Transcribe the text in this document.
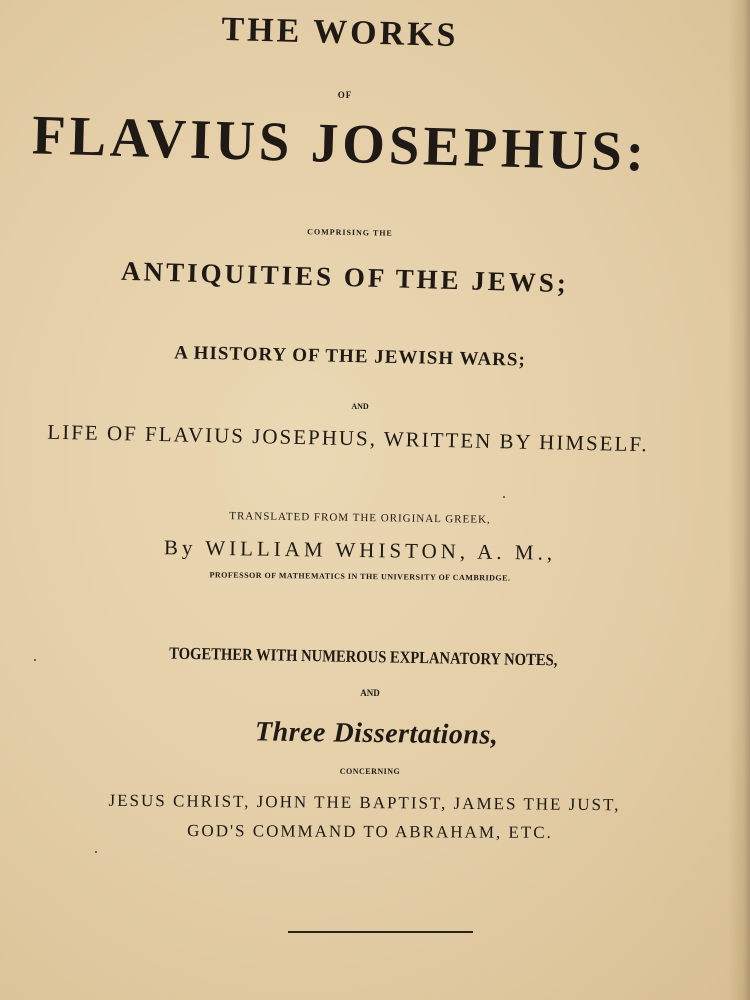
THE WORKS
OF
FLAVIUS JOSEPHUS:
COMPRISING THE
ANTIQUITIES OF THE JEWS;
A HISTORY OF THE JEWISH WARS;
AND
LIFE OF FLAVIUS JOSEPHUS, WRITTEN BY HIMSELF.
TRANSLATED FROM THE ORIGINAL GREEK,
By WILLIAM WHISTON, A. M.,
PROFESSOR OF MATHEMATICS IN THE UNIVERSITY OF CAMBRIDGE.
TOGETHER WITH NUMEROUS EXPLANATORY NOTES,
AND
Three Dissertations,
CONCERNING
JESUS CHRIST, JOHN THE BAPTIST, JAMES THE JUST,
GOD'S COMMAND TO ABRAHAM, ETC.
